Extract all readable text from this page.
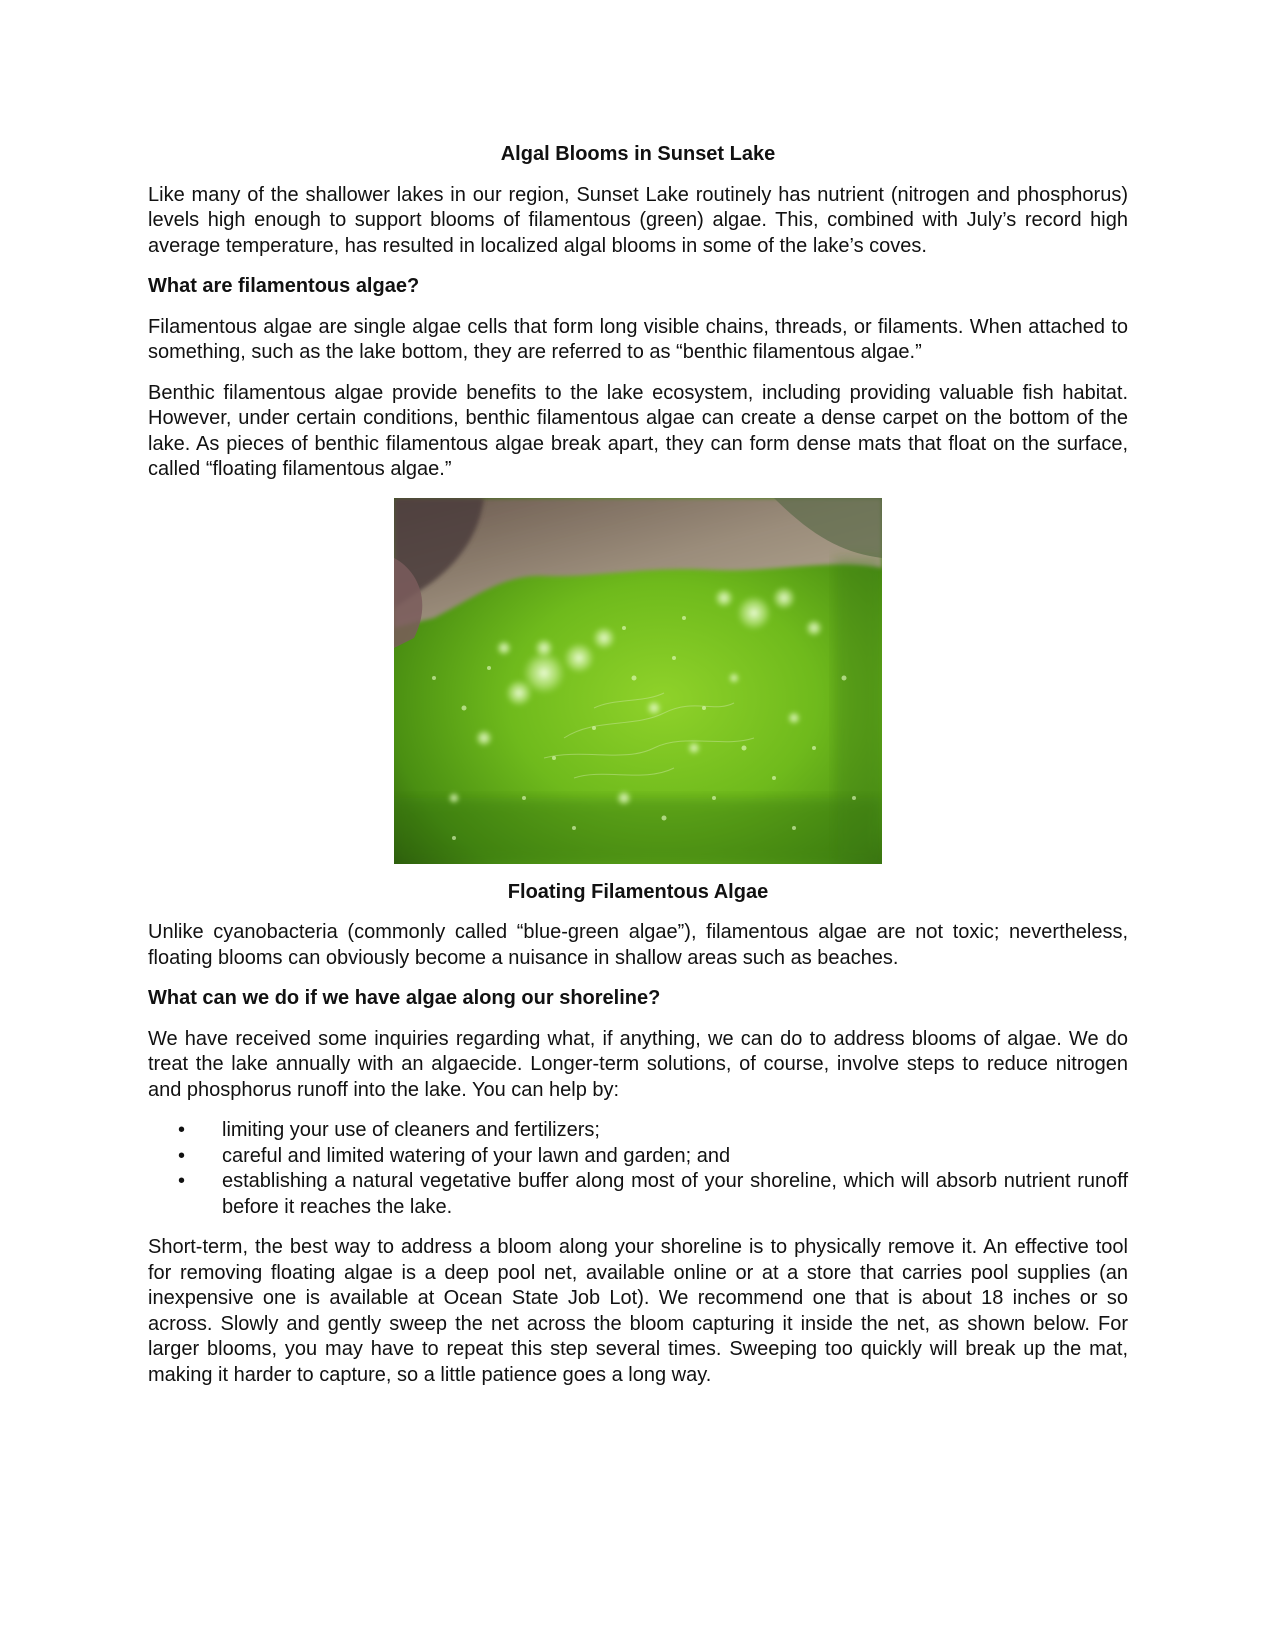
Algal Blooms in Sunset Lake

Like many of the shallower lakes in our region, Sunset Lake routinely has nutrient (nitrogen and phosphorus) levels high enough to support blooms of filamentous (green) algae. This, combined with July’s record high average temperature, has resulted in localized algal blooms in some of the lake’s coves.

What are filamentous algae?

Filamentous algae are single algae cells that form long visible chains, threads, or filaments. When attached to something, such as the lake bottom, they are referred to as “benthic filamentous algae.”

Benthic filamentous algae provide benefits to the lake ecosystem, including providing valuable fish habitat. However, under certain conditions, benthic filamentous algae can create a dense carpet on the bottom of the lake. As pieces of benthic filamentous algae break apart, they can form dense mats that float on the surface, called “floating filamentous algae.”

Floating Filamentous Algae

Unlike cyanobacteria (commonly called “blue-green algae”), filamentous algae are not toxic; nevertheless, floating blooms can obviously become a nuisance in shallow areas such as beaches.

What can we do if we have algae along our shoreline?

We have received some inquiries regarding what, if anything, we can do to address blooms of algae. We do treat the lake annually with an algaecide. Longer-term solutions, of course, involve steps to reduce nitrogen and phosphorus runoff into the lake. You can help by:

• limiting your use of cleaners and fertilizers;
• careful and limited watering of your lawn and garden; and
• establishing a natural vegetative buffer along most of your shoreline, which will absorb nutrient runoff before it reaches the lake.

Short-term, the best way to address a bloom along your shoreline is to physically remove it. An effective tool for removing floating algae is a deep pool net, available online or at a store that carries pool supplies (an inexpensive one is available at Ocean State Job Lot). We recommend one that is about 18 inches or so across. Slowly and gently sweep the net across the bloom capturing it inside the net, as shown below. For larger blooms, you may have to repeat this step several times. Sweeping too quickly will break up the mat, making it harder to capture, so a little patience goes a long way.
